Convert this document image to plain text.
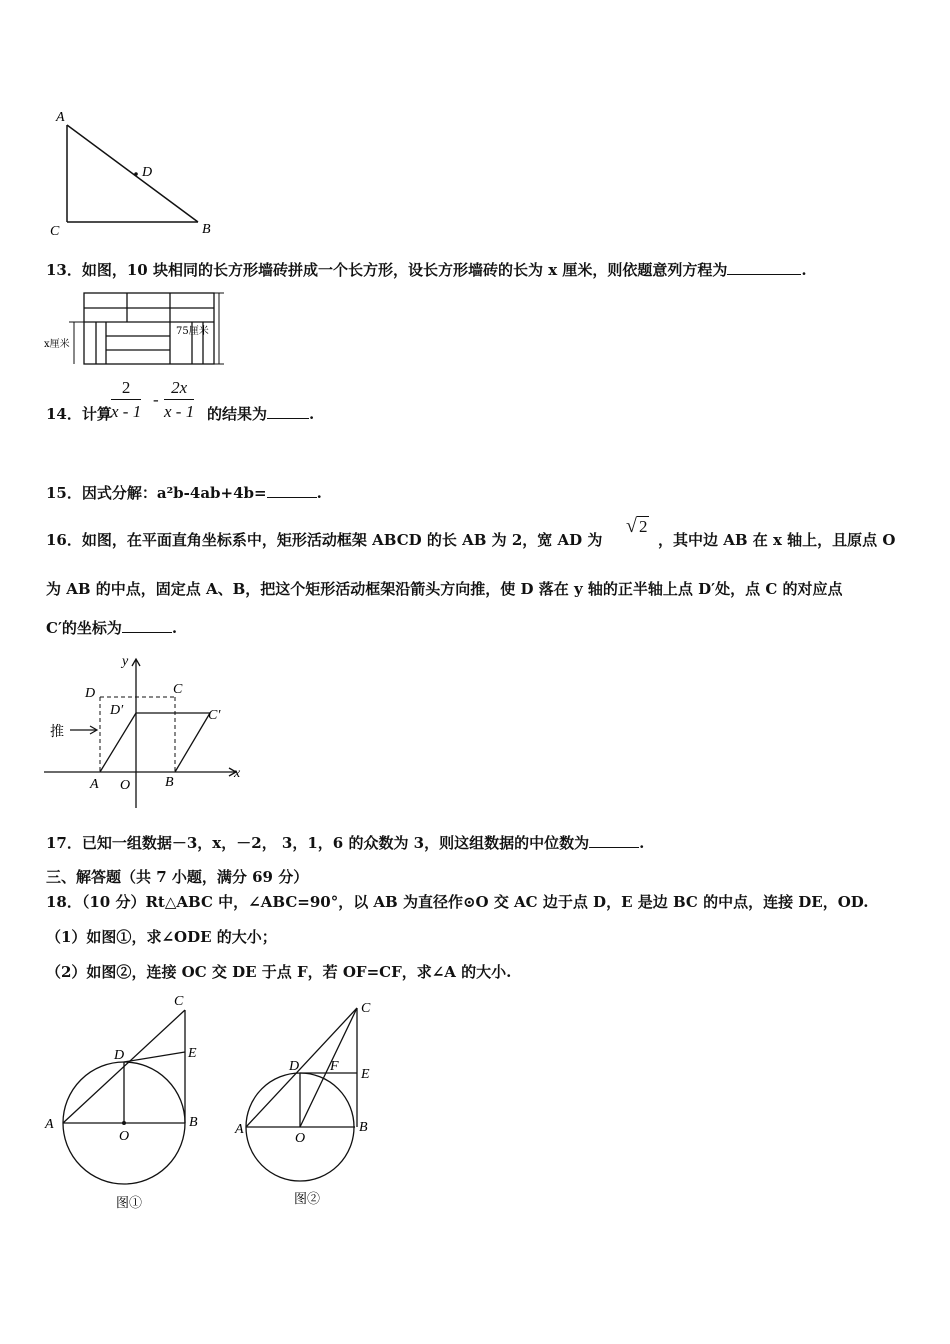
A
D
C	B
13．如图，10 块相同的长方形墙砖拼成一个长方形，设长方形墙砖的长为 x 厘米，则依题意列方程为	.
x厘米
75厘米
14．计算 $\frac{2}{x - 1} - \frac{2x}{x - 1}$ 的结果为	.
15．因式分解：a²b-4ab+4b=	.
16．如图，在平面直角坐标系中，矩形活动框架 ABCD 的长 AB 为 2，宽 AD 为
√ 2
，其中边 AB 在 x 轴上，且原点 O
为 AB 的中点，固定点 A、B，把这个矩形活动框架沿箭头方向推，使 D 落在 y 轴的正半轴上点 D′处，点 C 的对应点
C′的坐标为	.
y
x
D	C
D′	C′
推
A O B
17．已知一组数据－3，x，－2， 3，1，6 的众数为 3，则这组数据的中位数为	.
三、解答题（共 7 小题，满分 69 分）
18．（10 分）Rt△ABC 中，∠ABC=90°，以 AB 为直径作⊙O 交 AC 边于点 D，E 是边 BC 的中点，连接 DE，OD.
（1）如图①，求∠ODE 的大小；
（2）如图②，连接 OC 交 DE 于点 F，若 OF=CF，求∠A 的大小.
C
D	E
A
O
B
图①
C
D F
E
A
O
B
图②
